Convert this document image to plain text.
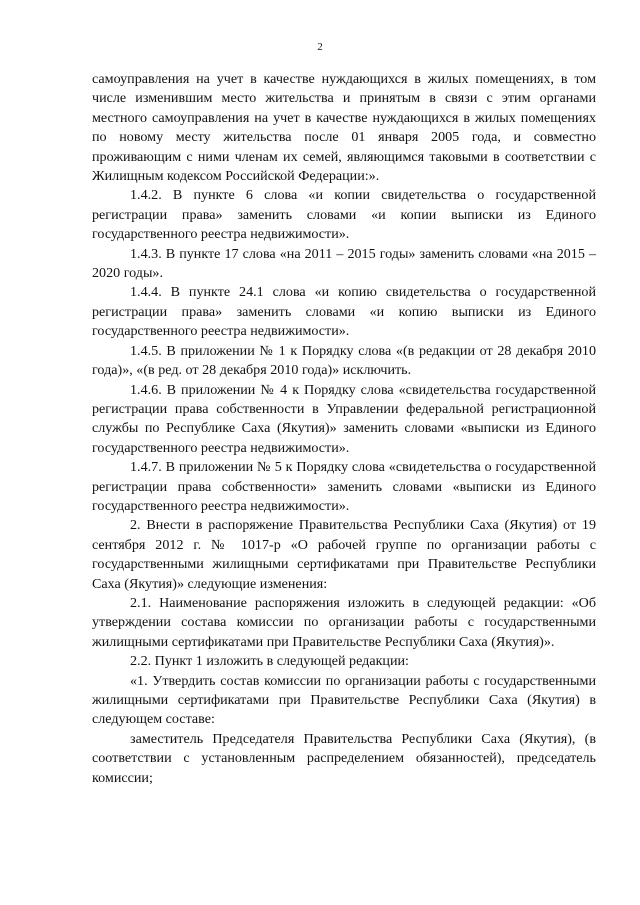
2

самоуправления на учет в качестве нуждающихся в жилых помещениях, в том числе изменившим место жительства и принятым в связи с этим органами местного самоуправления на учет в качестве нуждающихся в жилых помещениях по новому месту жительства после 01 января 2005 года, и совместно проживающим с ними членам их семей, являющимся таковыми в соответствии с Жилищным кодексом Российской Федерации:».

1.4.2. В пункте 6 слова «и копии свидетельства о государственной регистрации права» заменить словами «и копии выписки из Единого государственного реестра недвижимости».

1.4.3. В пункте 17 слова «на 2011 – 2015 годы» заменить словами «на 2015 – 2020 годы».

1.4.4. В пункте 24.1 слова «и копию свидетельства о государственной регистрации права» заменить словами «и копию выписки из Единого государственного реестра недвижимости».

1.4.5. В приложении № 1 к Порядку слова «(в редакции от 28 декабря 2010 года)», «(в ред. от 28 декабря 2010 года)» исключить.

1.4.6. В приложении № 4 к Порядку слова «свидетельства государственной регистрации права собственности в Управлении федеральной регистрационной службы по Республике Саха (Якутия)» заменить словами «выписки из Единого государственного реестра недвижимости».

1.4.7. В приложении № 5 к Порядку слова «свидетельства о государственной регистрации права собственности» заменить словами «выписки из Единого государственного реестра недвижимости».

2. Внести в распоряжение Правительства Республики Саха (Якутия) от 19 сентября 2012 г. № 1017-р «О рабочей группе по организации работы с государственными жилищными сертификатами при Правительстве Республики Саха (Якутия)» следующие изменения:

2.1. Наименование распоряжения изложить в следующей редакции: «Об утверждении состава комиссии по организации работы с государственными жилищными сертификатами при Правительстве Республики Саха (Якутия)».

2.2. Пункт 1 изложить в следующей редакции:

«1. Утвердить состав комиссии по организации работы с государственными жилищными сертификатами при Правительстве Республики Саха (Якутия) в следующем составе:

заместитель Председателя Правительства Республики Саха (Якутия), (в соответствии с установленным распределением обязанностей), председатель комиссии;
